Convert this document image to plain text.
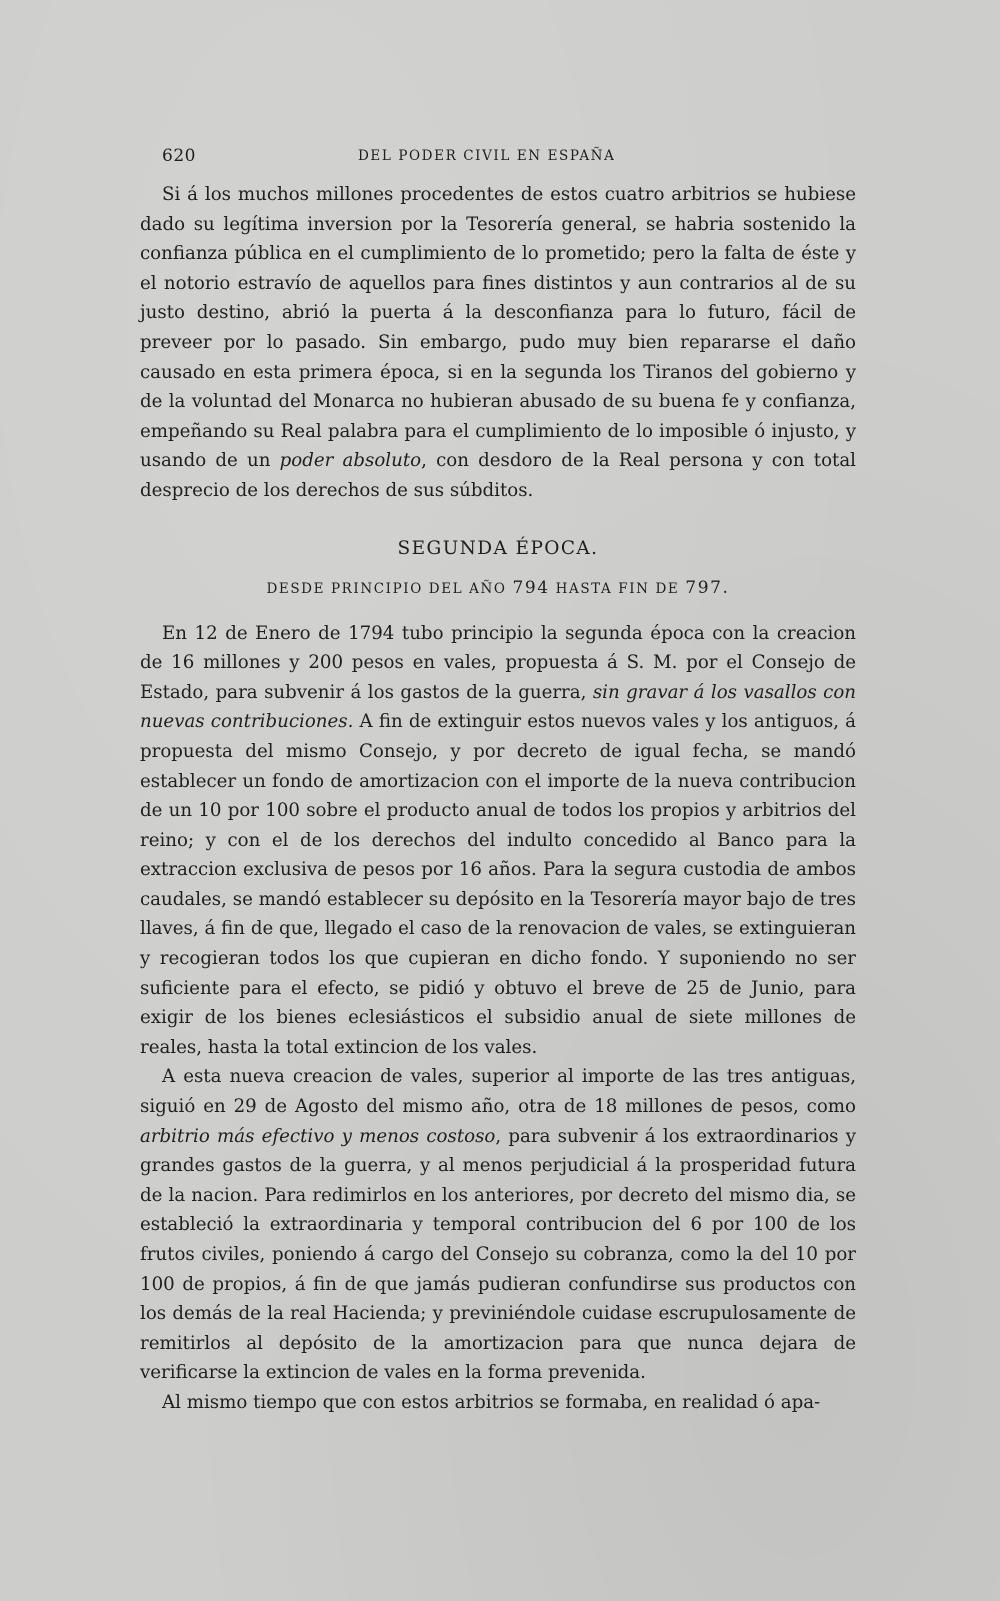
620	DEL PODER CIVIL EN ESPAÑA

Si á los muchos millones procedentes de estos cuatro arbitrios se hubiese dado su legítima inversion por la Tesorería general, se habria sostenido la confianza pública en el cumplimiento de lo prometido; pero la falta de éste y el notorio estravío de aquellos para fines distintos y aun contrarios al de su justo destino, abrió la puerta á la desconfianza para lo futuro, fácil de preveer por lo pasado. Sin embargo, pudo muy bien repararse el daño causado en esta primera época, si en la segunda los Tiranos del gobierno y de la voluntad del Monarca no hubieran abusado de su buena fe y confianza, empeñando su Real palabra para el cumplimiento de lo imposible ó injusto, y usando de un poder absoluto, con desdoro de la Real persona y con total desprecio de los derechos de sus súbditos.

SEGUNDA ÉPOCA.
DESDE PRINCIPIO DEL AÑO 794 HASTA FIN DE 797.

En 12 de Enero de 1794 tubo principio la segunda época con la creacion de 16 millones y 200 pesos en vales, propuesta á S. M. por el Consejo de Estado, para subvenir á los gastos de la guerra, sin gravar á los vasallos con nuevas contribuciones. A fin de extinguir estos nuevos vales y los antiguos, á propuesta del mismo Consejo, y por decreto de igual fecha, se mandó establecer un fondo de amortizacion con el importe de la nueva contribucion de un 10 por 100 sobre el producto anual de todos los propios y arbitrios del reino; y con el de los derechos del indulto concedido al Banco para la extraccion exclusiva de pesos por 16 años. Para la segura custodia de ambos caudales, se mandó establecer su depósito en la Tesorería mayor bajo de tres llaves, á fin de que, llegado el caso de la renovacion de vales, se extinguieran y recogieran todos los que cupieran en dicho fondo. Y suponiendo no ser suficiente para el efecto, se pidió y obtuvo el breve de 25 de Junio, para exigir de los bienes eclesiásticos el subsidio anual de siete millones de reales, hasta la total extincion de los vales.

A esta nueva creacion de vales, superior al importe de las tres antiguas, siguió en 29 de Agosto del mismo año, otra de 18 millones de pesos, como arbitrio más efectivo y menos costoso, para subvenir á los extraordinarios y grandes gastos de la guerra, y al menos perjudicial á la prosperidad futura de la nacion. Para redimirlos en los anteriores, por decreto del mismo dia, se estableció la extraordinaria y temporal contribucion del 6 por 100 de los frutos civiles, poniendo á cargo del Consejo su cobranza, como la del 10 por 100 de propios, á fin de que jamás pudieran confundirse sus productos con los demás de la real Hacienda; y previniéndole cuidase escrupulosamente de remitirlos al depósito de la amortizacion para que nunca dejara de verificarse la extincion de vales en la forma prevenida.

Al mismo tiempo que con estos arbitrios se formaba, en realidad ó apa-
